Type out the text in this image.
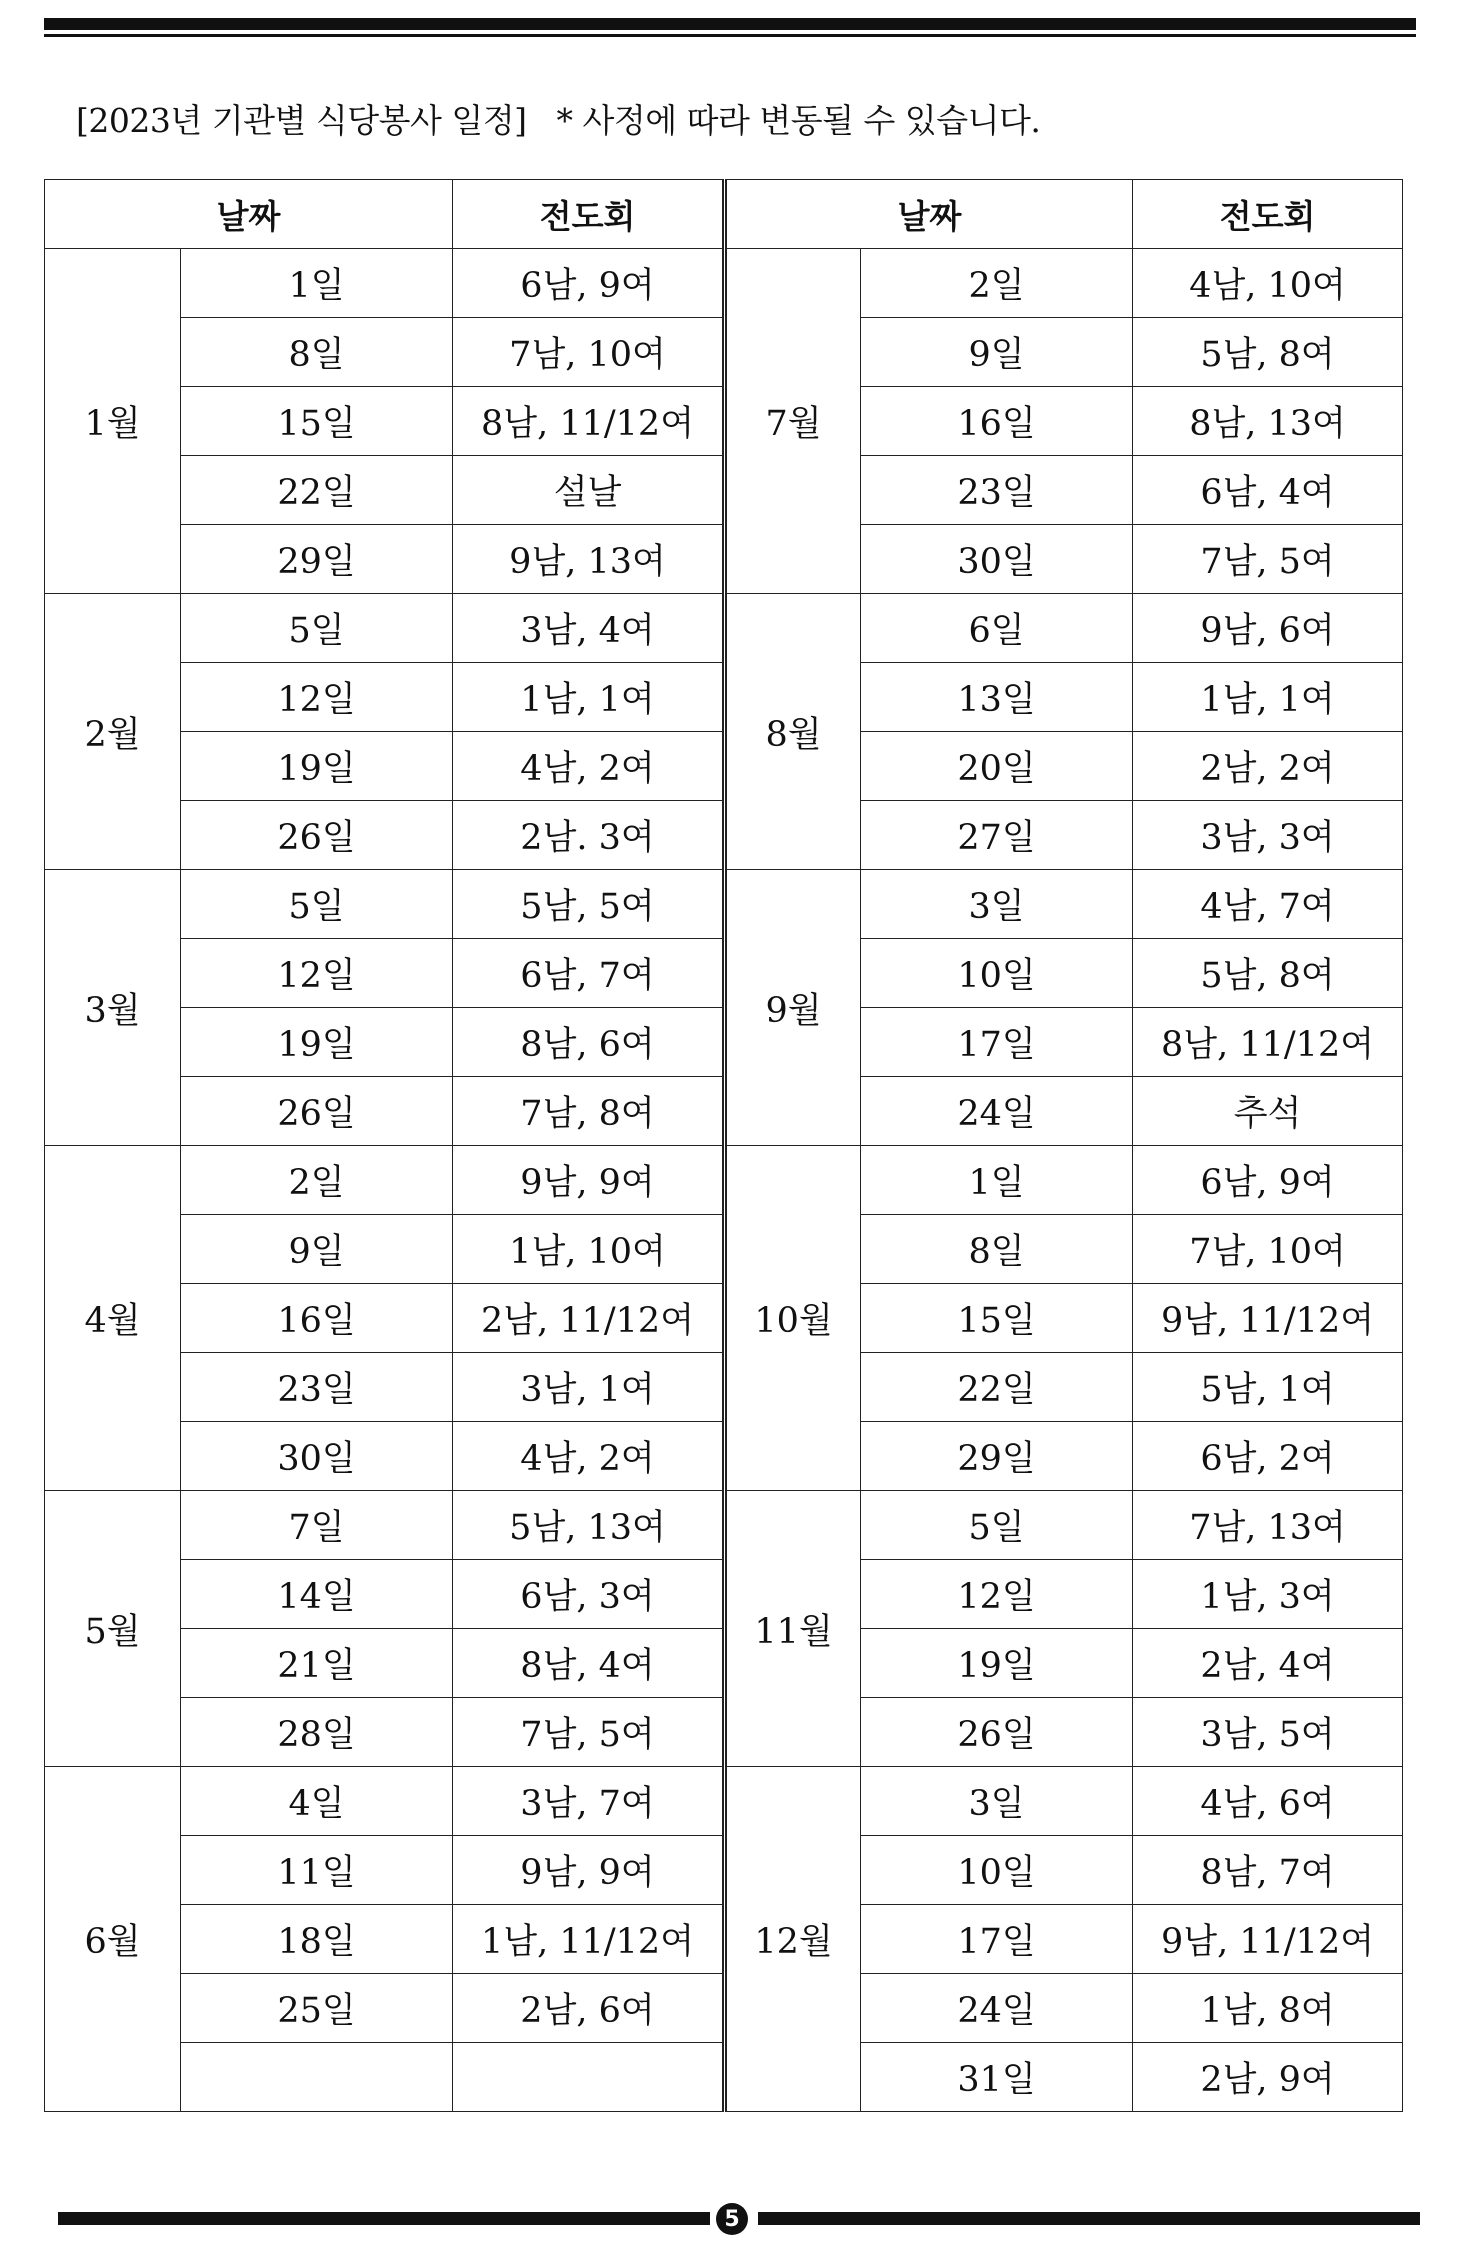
[2023년 기관별 식당봉사 일정] * 사정에 따라 변동될 수 있습니다.
날짜		전도회	날짜		전도회
1월	1일	6남, 9여	7월	2일	4남, 10여
	8일	7남, 10여		9일	5남, 8여
	15일	8남, 11/12여		16일	8남, 13여
	22일	설날		23일	6남, 4여
	29일	9남, 13여		30일	7남, 5여
2월	5일	3남, 4여	8월	6일	9남, 6여
	12일	1남, 1여		13일	1남, 1여
	19일	4남, 2여		20일	2남, 2여
	26일	2남. 3여		27일	3남, 3여
3월	5일	5남, 5여	9월	3일	4남, 7여
	12일	6남, 7여		10일	5남, 8여
	19일	8남, 6여		17일	8남, 11/12여
	26일	7남, 8여		24일	추석
4월	2일	9남, 9여	10월	1일	6남, 9여
	9일	1남, 10여		8일	7남, 10여
	16일	2남, 11/12여		15일	9남, 11/12여
	23일	3남, 1여		22일	5남, 1여
	30일	4남, 2여		29일	6남, 2여
5월	7일	5남, 13여	11월	5일	7남, 13여
	14일	6남, 3여		12일	1남, 3여
	21일	8남, 4여		19일	2남, 4여
	28일	7남, 5여		26일	3남, 5여
6월	4일	3남, 7여	12월	3일	4남, 6여
	11일	9남, 9여		10일	8남, 7여
	18일	1남, 11/12여		17일	9남, 11/12여
	25일	2남, 6여		24일	1남, 8여
				31일	2남, 9여
5
